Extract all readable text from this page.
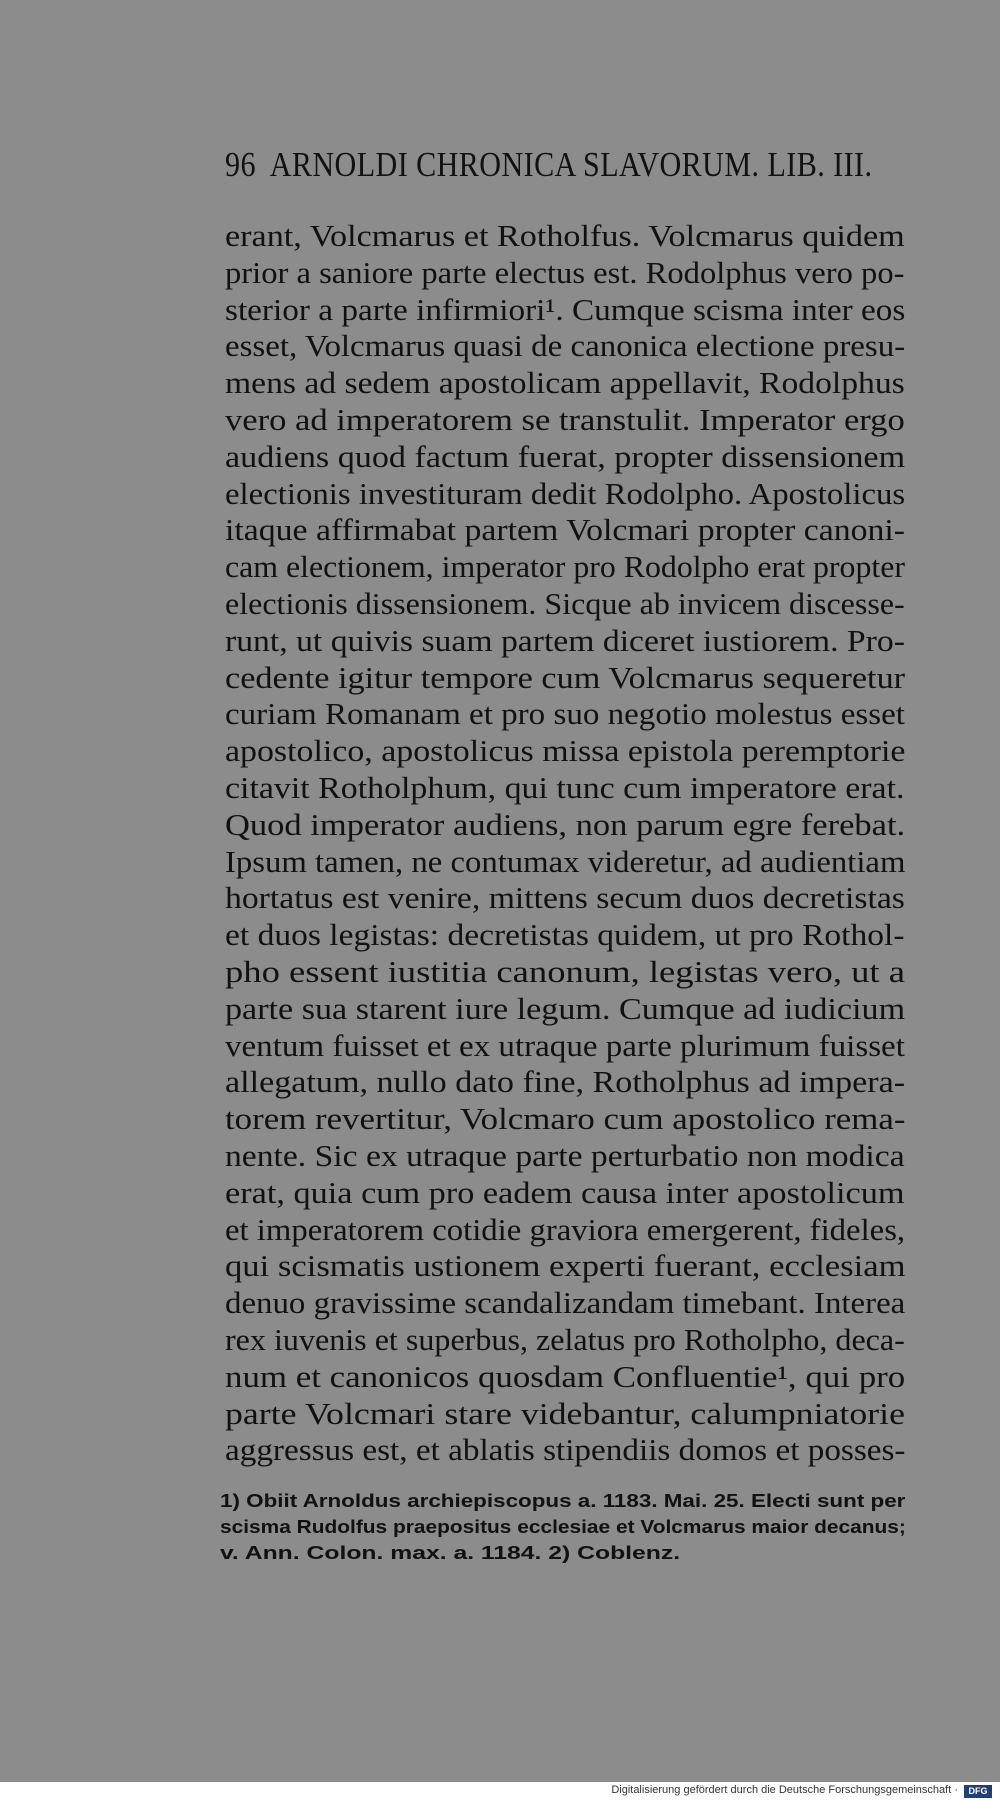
96 ARNOLDI CHRONICA SLAVORUM. LIB. III.
erant, Volcmarus et Rotholfus. Volcmarus quidem
prior a saniore parte electus est. Rodolphus vero po-
sterior a parte infirmiori¹. Cumque scisma inter eos
esset, Volcmarus quasi de canonica electione presu-
mens ad sedem apostolicam appellavit, Rodolphus
vero ad imperatorem se transtulit. Imperator ergo
audiens quod factum fuerat, propter dissensionem
electionis investituram dedit Rodolpho. Apostolicus
itaque affirmabat partem Volcmari propter canoni-
cam electionem, imperator pro Rodolpho erat propter
electionis dissensionem. Sicque ab invicem discesse-
runt, ut quivis suam partem diceret iustiorem. Pro-
cedente igitur tempore cum Volcmarus sequeretur
curiam Romanam et pro suo negotio molestus esset
apostolico, apostolicus missa epistola peremptorie
citavit Rotholphum, qui tunc cum imperatore erat.
Quod imperator audiens, non parum egre ferebat.
Ipsum tamen, ne contumax videretur, ad audientiam
hortatus est venire, mittens secum duos decretistas
et duos legistas: decretistas quidem, ut pro Rothol-
pho essent iustitia canonum, legistas vero, ut a
parte sua starent iure legum. Cumque ad iudicium
ventum fuisset et ex utraque parte plurimum fuisset
allegatum, nullo dato fine, Rotholphus ad impera-
torem revertitur, Volcmaro cum apostolico rema-
nente. Sic ex utraque parte perturbatio non modica
erat, quia cum pro eadem causa inter apostolicum
et imperatorem cotidie graviora emergerent, fideles,
qui scismatis ustionem experti fuerant, ecclesiam
denuo gravissime scandalizandam timebant. Interea
rex iuvenis et superbus, zelatus pro Rotholpho, deca-
num et canonicos quosdam Confluentie¹, qui pro
parte Volcmari stare videbantur, calumpniatorie
aggressus est, et ablatis stipendiis domos et posses-
1) Obiit Arnoldus archiepiscopus a. 1183. Mai. 25. Electi sunt per
scisma Rudolfus praepositus ecclesiae et Volcmarus maior decanus;
v. Ann. Colon. max. a. 1184. 2) Coblenz.
Digitalisierung gefördert durch die Deutsche Forschungsgemeinschaft ·	DFG
